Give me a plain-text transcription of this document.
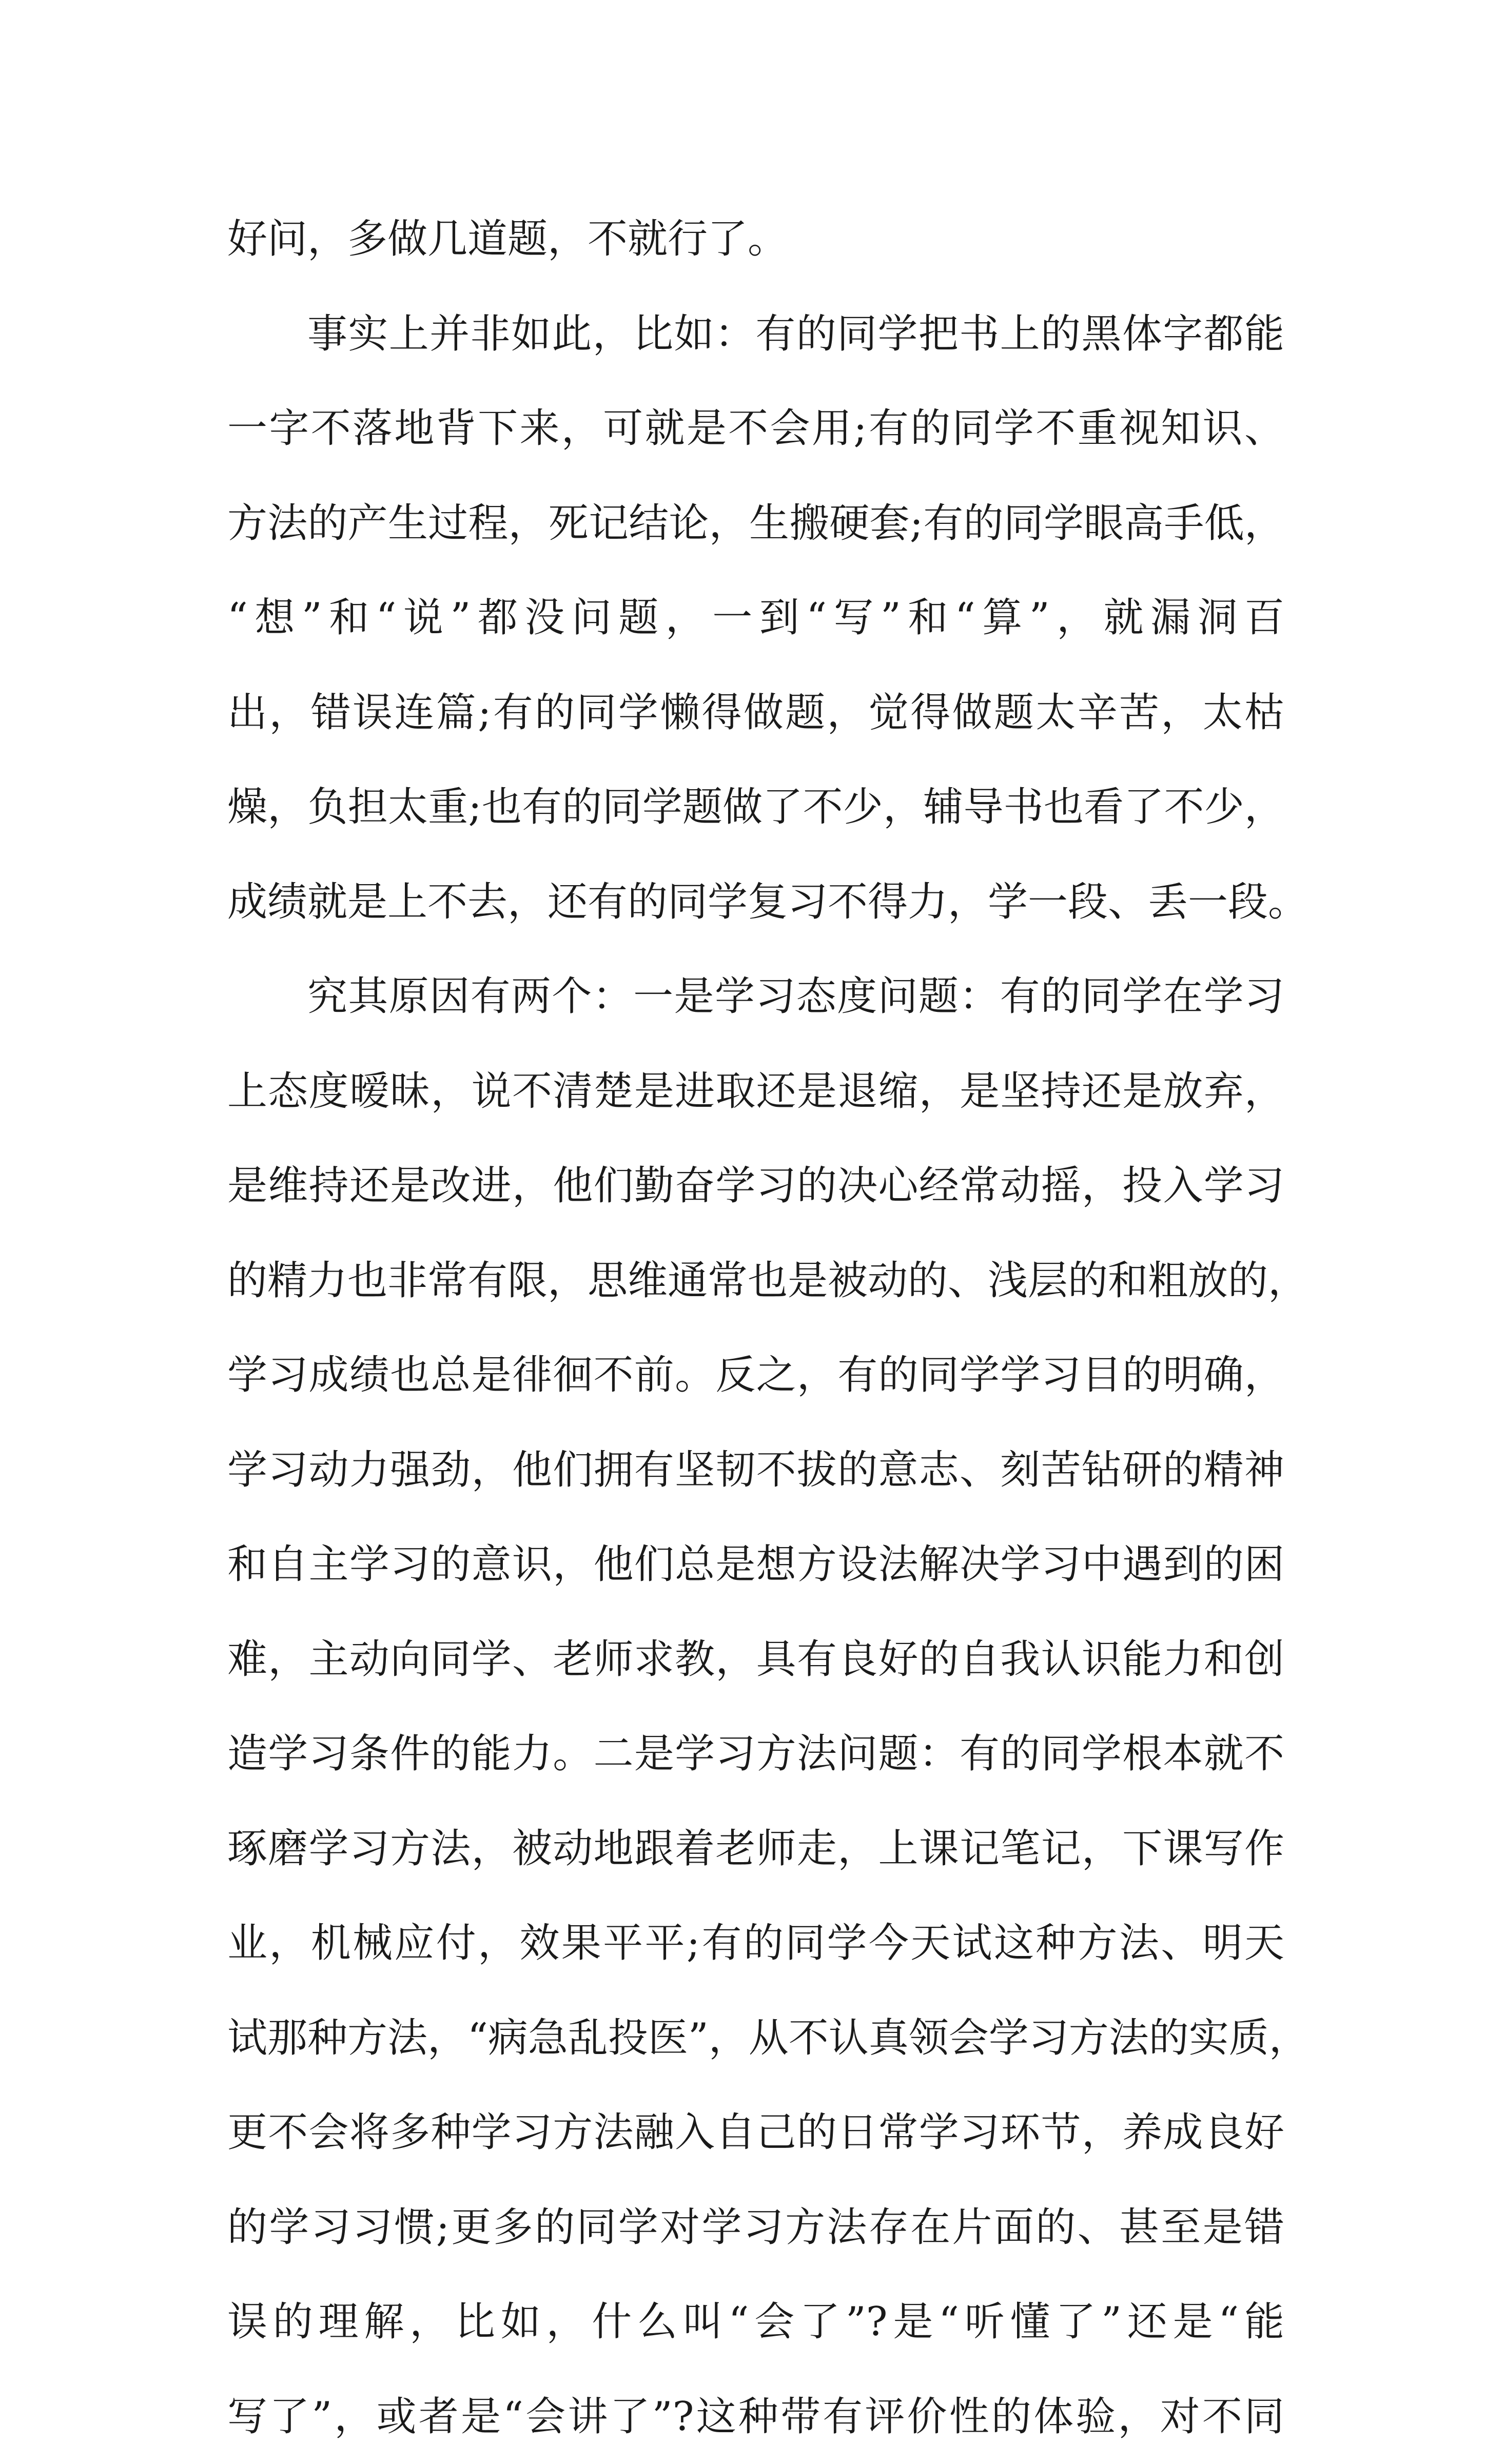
好问，多做几道题，不就行了。
事实上并非如此，比如：有的同学把书上的黑体字都能
一字不落地背下来，可就是不会用;有的同学不重视知识、
方法的产生过程，死记结论，生搬硬套;有的同学眼高手低，
“想”和“说”都没问题，一到“写”和“算”，就漏洞百
出，错误连篇;有的同学懒得做题，觉得做题太辛苦，太枯
燥，负担太重;也有的同学题做了不少，辅导书也看了不少，
成绩就是上不去，还有的同学复习不得力，学一段、丢一段。
究其原因有两个：一是学习态度问题：有的同学在学习
上态度暧昧，说不清楚是进取还是退缩，是坚持还是放弃，
是维持还是改进，他们勤奋学习的决心经常动摇，投入学习
的精力也非常有限，思维通常也是被动的、浅层的和粗放的，
学习成绩也总是徘徊不前。反之，有的同学学习目的明确，
学习动力强劲，他们拥有坚韧不拔的意志、刻苦钻研的精神
和自主学习的意识，他们总是想方设法解决学习中遇到的困
难，主动向同学、老师求教，具有良好的自我认识能力和创
造学习条件的能力。二是学习方法问题：有的同学根本就不
琢磨学习方法，被动地跟着老师走，上课记笔记，下课写作
业，机械应付，效果平平;有的同学今天试这种方法、明天
试那种方法，“病急乱投医”，从不认真领会学习方法的实质，
更不会将多种学习方法融入自己的日常学习环节，养成良好
的学习习惯;更多的同学对学习方法存在片面的、甚至是错
误的理解，比如，什么叫“会了”?是“听懂了”还是“能
写了”，或者是“会讲了”?这种带有评价性的体验，对不同
